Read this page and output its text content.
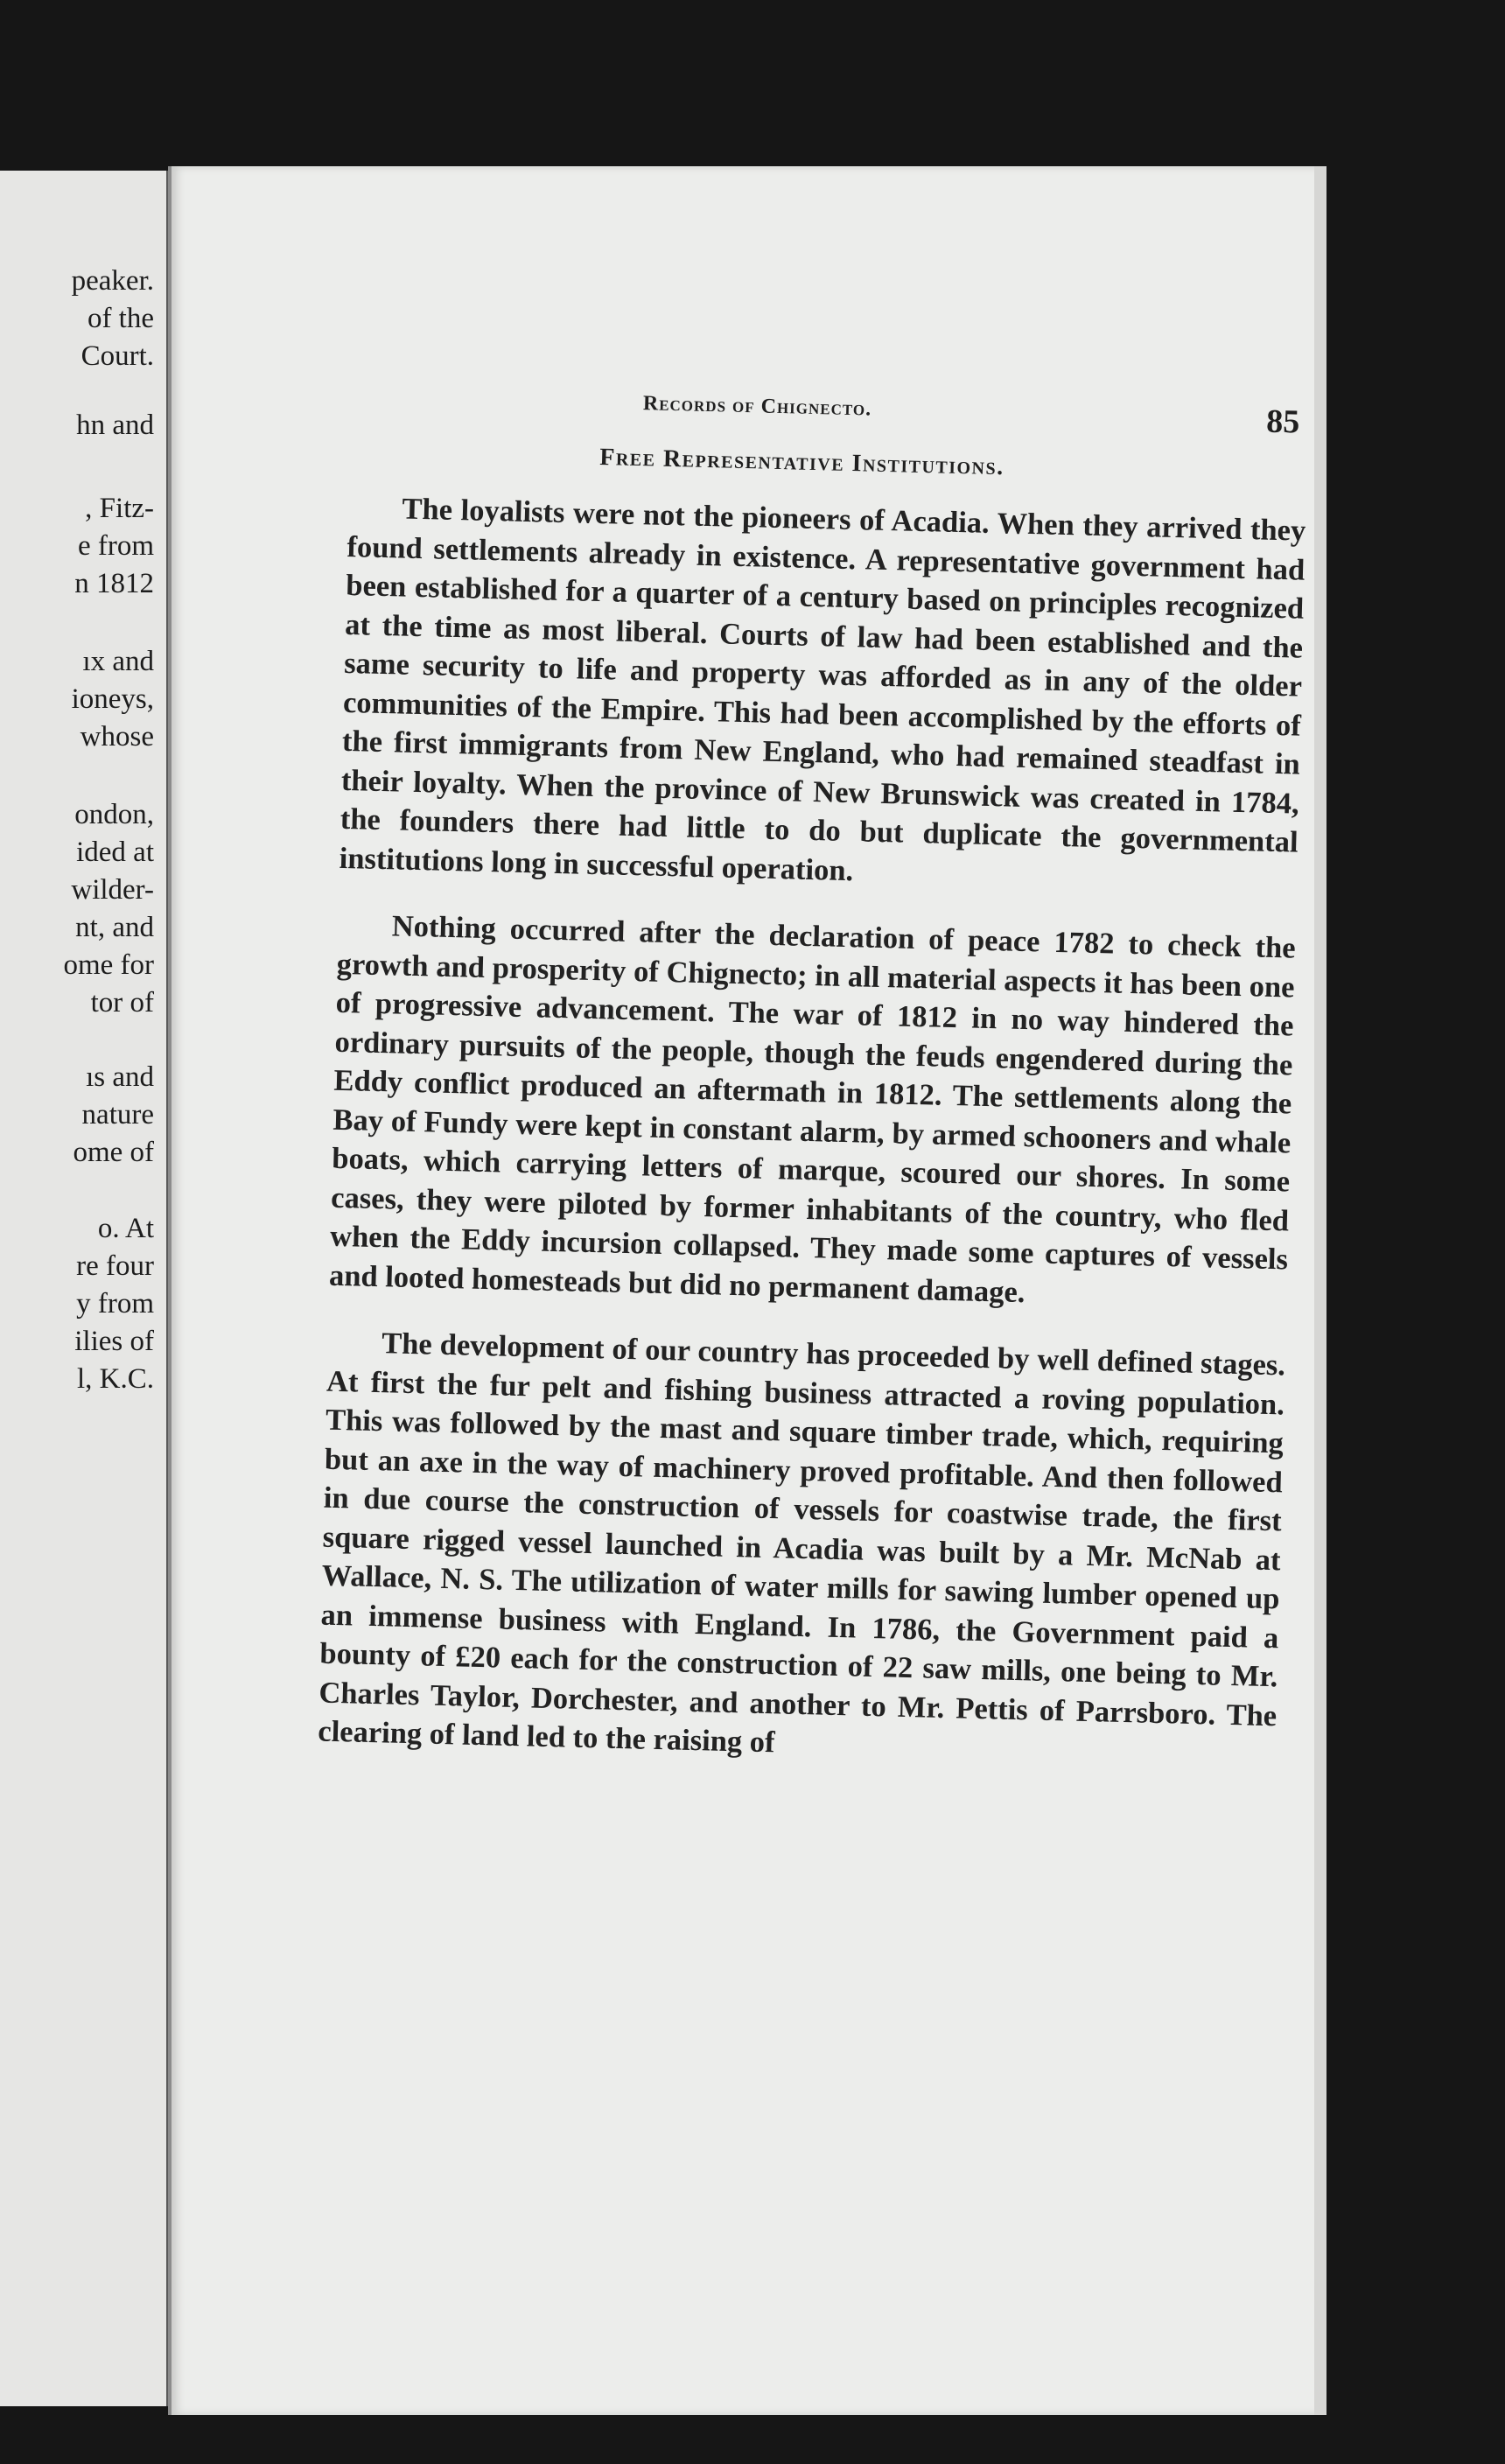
peaker.
of the
Court.
hn and
, Fitz-
e from
n 1812
ıx and
ioneys,
whose
ondon,
ided at
wilder-
nt, and
ome for
tor of
ıs and
nature
ome of
o. At
re four
y from
ilies of
l, K.C.
Records of Chignecto.	85
Free Representative Institutions.

The loyalists were not the pioneers of Acadia. When they arrived they found settlements already in existence. A representative government had been established for a quarter of a century based on principles recognized at the time as most liberal. Courts of law had been established and the same security to life and property was afforded as in any of the older communities of the Empire. This had been accomplished by the efforts of the first immigrants from New England, who had remained steadfast in their loyalty. When the province of New Brunswick was created in 1784, the founders there had little to do but duplicate the governmental institutions long in successful operation.

Nothing occurred after the declaration of peace 1782 to check the growth and prosperity of Chignecto; in all material aspects it has been one of progressive advancement. The war of 1812 in no way hindered the ordinary pursuits of the people, though the feuds engendered during the Eddy conflict produced an aftermath in 1812. The settlements along the Bay of Fundy were kept in constant alarm, by armed schooners and whale boats, which carrying letters of marque, scoured our shores. In some cases, they were piloted by former inhabitants of the country, who fled when the Eddy incursion collapsed. They made some captures of vessels and looted homesteads but did no permanent damage.

The development of our country has proceeded by well defined stages. At first the fur pelt and fishing business attracted a roving population. This was followed by the mast and square timber trade, which, requiring but an axe in the way of machinery proved profitable. And then followed in due course the construction of vessels for coastwise trade, the first square rigged vessel launched in Acadia was built by a Mr. McNab at Wallace, N. S. The utilization of water mills for sawing lumber opened up an immense business with England. In 1786, the Government paid a bounty of £20 each for the construction of 22 saw mills, one being to Mr. Charles Taylor, Dorchester, and another to Mr. Pettis of Parrsboro. The clearing of land led to the raising of
